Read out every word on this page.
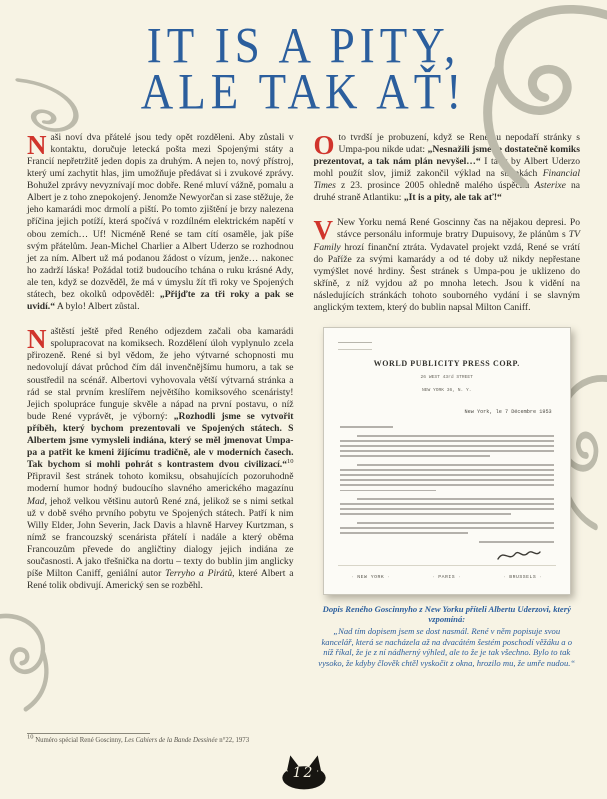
IT IS A PITY,
ALE TAK AŤ!

Naši noví dva přátelé jsou tedy opět rozděleni. Aby zůstali v kontaktu, doručuje letecká pošta mezi Spojenými státy a Francií nepřetržitě jeden dopis za druhým. A nejen to, nový přístroj, který umí zachytit hlas, jim umožňuje předávat si i zvukové zprávy. Bohužel zprávy nevyznívají moc dobře. René mluví vážně, pomalu a Albert je z toho znepokojený. Jenomže Newyorčan si zase stěžuje, že jeho kamarádi moc drmolí a piští. Po tomto zjištění je brzy nalezena příčina jejich potíží, která spočívá v rozdílném elektrickém napětí v obou zemích… Uf! Nicméně René se tam cítí osaměle, jak píše svým přátelům. Jean-Michel Charlier a Albert Uderzo se rozhodnou jet za ním. Albert už má podanou žádost o vízum, jenže… nakonec ho zadrží láska! Požádal totiž budoucího tchána o ruku krásné Ady, ale ten, když se dozvěděl, že má v úmyslu žít tři roky ve Spojených státech, bez okolků odpověděl: „Přijďte za tři roky a pak se uvidí.“ A bylo! Albert zůstal.

Naštěstí ještě před Reného odjezdem začali oba kamarádi spolupracovat na komiksech. Rozdělení úloh vyplynulo zcela přirozeně. René si byl vědom, že jeho výtvarné schopnosti mu nedovolují dávat průchod čím dál invenčnějšímu humoru, a tak se soustředil na scénář. Albertovi vyhovovala větší výtvarná stránka a rád se stal prvním kreslířem největšího komiksového scenáristy! Jejich spolupráce funguje skvěle a nápad na první postavu, o níž bude René vyprávět, je výborný: „Rozhodli jsme se vytvořit příběh, který bychom prezentovali ve Spojených státech. S Albertem jsme vymysleli indiána, který se měl jmenovat Umpa-pa a patřit ke kmeni žijícímu tradičně, ale v moderních časech. Tak bychom si mohli pohrát s kontrastem dvou civilizací.“$^{10}$ Připravil šest stránek tohoto komiksu, obsahujících pozoruhodně moderní humor hodný budoucího slavného amerického magazínu Mad, jehož velkou většinu autorů René zná, jelikož se s nimi setkal už v době svého prvního pobytu ve Spojených státech. Patří k nim Willy Elder, John Severin, Jack Davis a hlavně Harvey Kurtzman, s nímž se francouzský scenárista přátelí i nadále a který oběma Francouzům převede do angličtiny dialogy jejich indiána ze současnosti. A jako třešnička na dortu – texty do bublin jim anglicky píše Milton Caniff, geniální autor Terryho a Pirátů, které Albert a René tolik obdivují. Americký sen se rozběhl.

$^{10}$ Numéro spécial René Goscinny, Les Cahiers de la Bande Dessinée n°22, 1973

O to tvrdší je probuzení, když se Renému nepodaří stránky s Umpa-pou nikde udat: „Nesnažili jsme se dostatečně komiks prezentovat, a tak nám plán nevyšel…“ I tady by Albert Uderzo mohl použít slov, jimiž zakončil výklad na stránkách Financial Times z 23. prosince 2005 ohledně malého úspěchu Asterixe na druhé straně Atlantiku: „It is a pity, ale tak ať!“

V New Yorku nemá René Goscinny čas na nějakou depresi. Po stávce personálu informuje bratry Dupuisovy, že plánům s TV Family hrozí finanční ztráta. Vydavatel projekt vzdá, René se vrátí do Paříže za svými kamarády a od té doby už nikdy nepřestane vymýšlet nové hrdiny. Šest stránek s Umpa-pou je uklizeno do skříně, z níž vyjdou až po mnoha letech. Jsou k vidění na následujících stránkách tohoto souborného vydání i se slavným anglickým textem, který do bublin napsal Milton Caniff.

WORLD PUBLICITY PRESS CORP.
26 WEST 43rd STREET
NEW YORK 36, N. Y.
New York, le 7 Décembre 1953
· NEW YORK ·	· PARIS ·	· BRUSSELS ·
Dopis Reného Goscinnyho z New Yorku příteli Albertu Uderzovi, který vzpomíná:
„Nad tím dopisem jsem se dost nasmál. René v něm popisuje svou kancelář, která se nacházela až na dvacátém šestém poschodí věžáku a o níž říkal, že je z ní nádherný výhled, ale to že je tak všechno. Bylo to tak vysoko, že kdyby člověk chtěl vyskočit z okna, hrozilo mu, že umře nudou.“
· 12 ·
